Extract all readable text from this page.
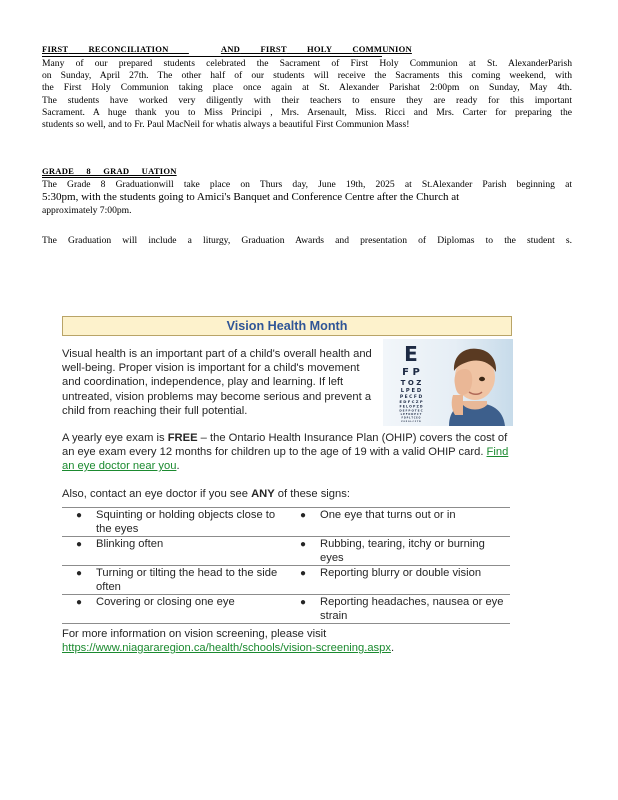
FIRST RECONCILIATION	AND FIRST HOLY COMMUNION
Many of our prepared students celebrated the Sacrament of First Holy Communion at St. AlexanderParish
on Sunday, April 27th. The other half of our students will receive the Sacraments this coming weekend, with
the First Holy Communion taking place once again at St. Alexander Parishat 2:00pm on Sunday, May 4th.
The students have worked very diligently with their teachers to ensure they are ready for this important
Sacrament. A huge thank you to Miss Principi , Mrs. Arsenault, Miss. Ricci and Mrs. Carter for preparing the
students so well, and to Fr. Paul MacNeil for whatis always a beautiful First Communion Mass!
GRADE 8 GRAD UATION
The Grade 8 Graduationwill take place on Thurs day, June 19th, 2025 at St.Alexander Parish beginning at
5:30pm, with the students going to Amici's Banquet and Conference Centre after the Church at
approximately 7:00pm.
The Graduation will include a liturgy, Graduation Awards and presentation of Diplomas to the student s.
Vision Health Month
Visual health is an important part of a child's overall health and well-being. Proper vision is important for a child's movement and coordination, independence, play and learning. If left untreated, vision problems may become serious and prevent a child from reaching their full potential.
E
F P
T O Z
L P E D
P E C F D
E D F C Z P
F E L O P Z D
D E F P O T E C
L E F O D P C T
F D P L T C E O
P E Z O L C F T D
A yearly eye exam is FREE – the Ontario Health Insurance Plan (OHIP) covers the cost of an eye exam every 12 months for children up to the age of 19 with a valid OHIP card. Find an eye doctor near you.
Also, contact an eye doctor if you see ANY of these signs:
●	Squinting or holding objects close to the eyes	●	One eye that turns out or in
●	Blinking often	●	Rubbing, tearing, itchy or burning eyes
●	Turning or tilting the head to the side often	●	Reporting blurry or double vision
●	Covering or closing one eye	●	Reporting headaches, nausea or eye strain
For more information on vision screening, please visit
https://www.niagararegion.ca/health/schools/vision-screening.aspx.
